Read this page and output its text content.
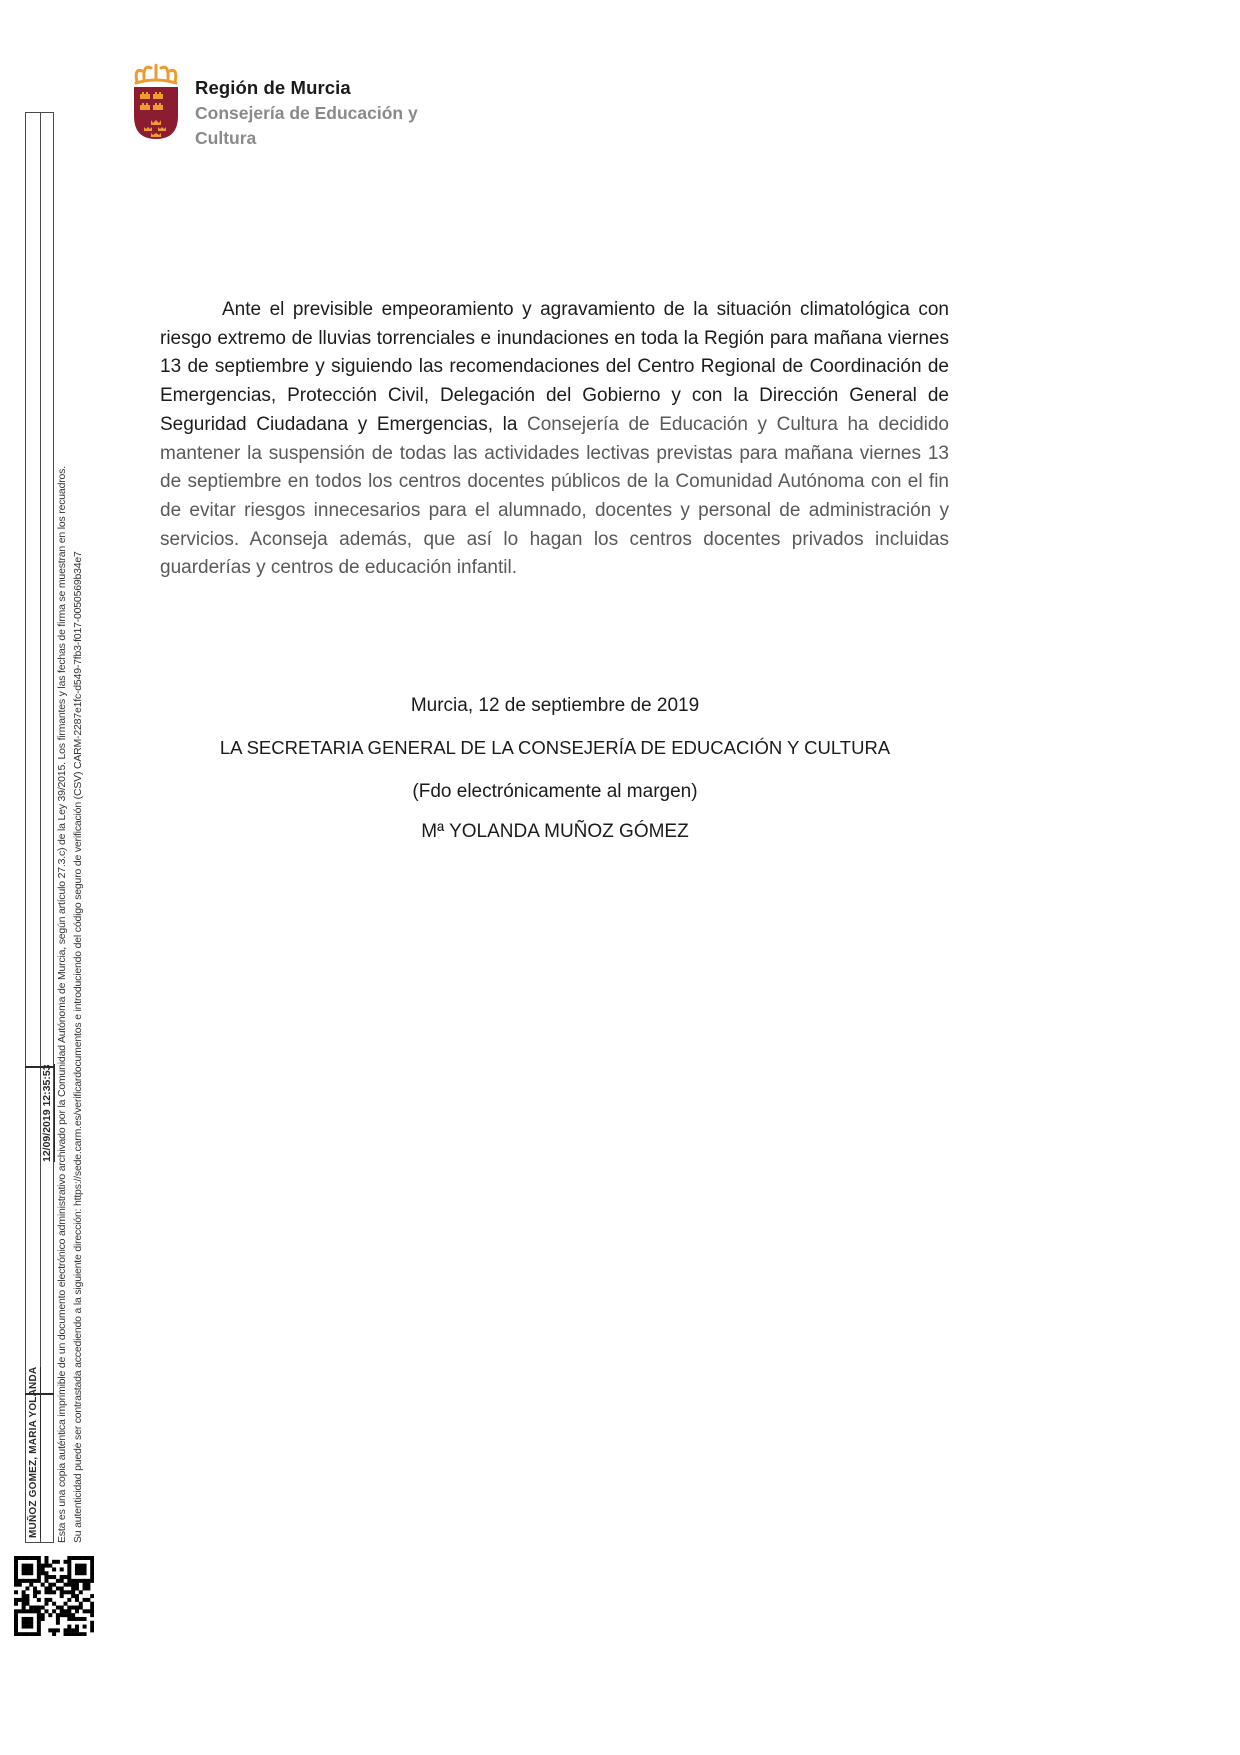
Región de Murcia
Consejería de Educación y
Cultura
Ante el previsible empeoramiento y agravamiento de la situación climatológica con riesgo extremo de lluvias torrenciales e inundaciones en toda la Región para mañana viernes 13 de septiembre y siguiendo las recomendaciones del Centro Regional de Coordinación de Emergencias, Protección Civil, Delegación del Gobierno y con la Dirección General de Seguridad Ciudadana y Emergencias, la Consejería de Educación y Cultura ha decidido mantener la suspensión de todas las actividades lectivas previstas para mañana viernes 13 de septiembre en todos los centros docentes públicos de la Comunidad Autónoma con el fin de evitar riesgos innecesarios para el alumnado, docentes y personal de administración y servicios. Aconseja además, que así lo hagan los centros docentes privados incluidas guarderías y centros de educación infantil.
Murcia, 12 de septiembre de 2019
LA SECRETARIA GENERAL DE LA CONSEJERÍA DE EDUCACIÓN Y CULTURA
(Fdo electrónicamente al margen)
Mª YOLANDA MUÑOZ GÓMEZ
12/09/2019 12:35:53
MUÑOZ GOMEZ, MARIA YOLANDA Esta es una copia auténtica imprimible de un documento electrónico administrativo archivado por la Comunidad Autónoma de Murcia, según artículo 27.3.c) de la Ley 39/2015. Los firmantes y las fechas de firma se muestran en los recuadros. Su autenticidad puede ser contrastada accediendo a la siguiente dirección: https://sede.carm.es/verificardocumentos e introduciendo del código seguro de verificación (CSV) CARM-2287e1fc-d549-7fb3-f017-0050569b34e7
